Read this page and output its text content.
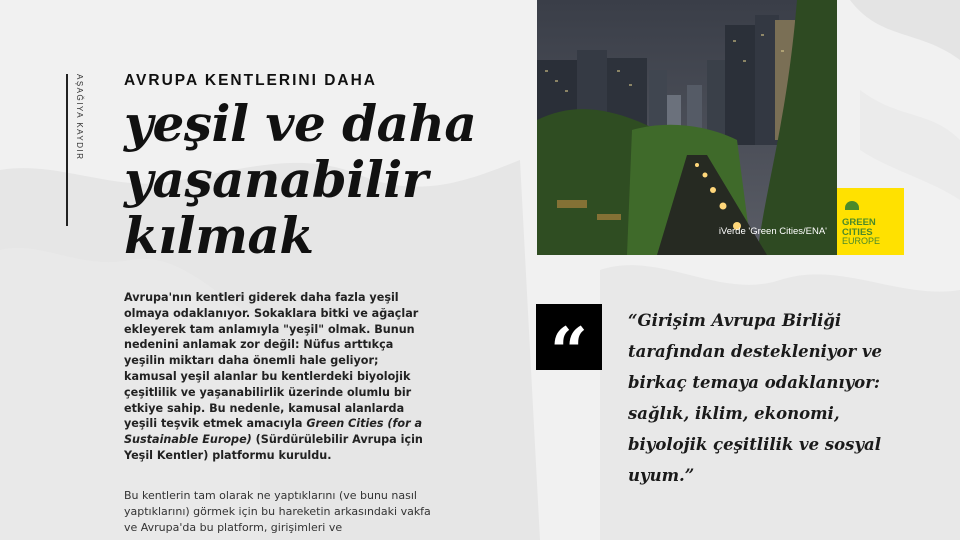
AŞAĞIYA KAYDIR	AVRUPA KENTLERINI DAHA
yeşil ve daha
yaşanabilir
kılmak
Avrupa'nın kentleri giderek daha fazla yeşil olmaya odaklanıyor. Sokaklara bitki ve ağaçlar ekleyerek tam anlamıyla "yeşil" olmak. Bunun nedenini anlamak zor değil: Nüfus arttıkça yeşilin miktarı daha önemli hale geliyor; kamusal yeşil alanlar bu kentlerdeki biyolojik çeşitlilik ve yaşanabilirlik üzerinde olumlu bir etkiye sahip. Bu nedenle, kamusal alanlarda yeşili teşvik etmek amacıyla Green Cities (for a Sustainable Europe) (Sürdürülebilir Avrupa için Yeşil Kentler) platformu kuruldu.
Bu kentlerin tam olarak ne yaptıklarını (ve bunu nasıl yaptıklarını) görmek için bu hareketin arkasındaki vakfa ve Avrupa'da bu platform, girişimleri ve
iVerde 'Green Cities/ENA'
GREEN
CITIES
EUROPE
“	“Girişim Avrupa Birliği
tarafından destekleniyor ve
birkaç temaya odaklanıyor:
sağlık, iklim, ekonomi,
biyolojik çeşitlilik ve sosyal
uyum.”
